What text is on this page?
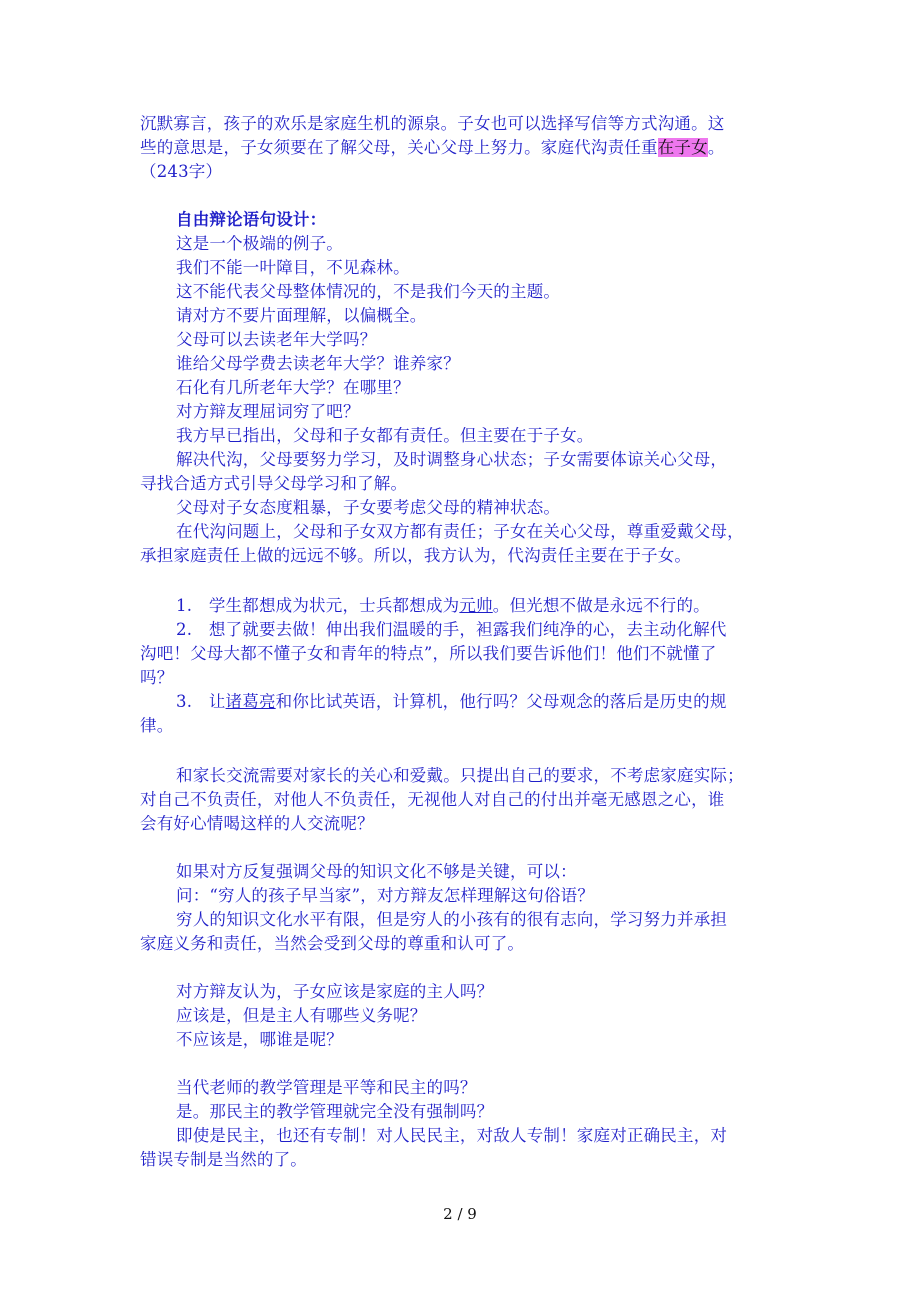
沉默寡言，孩子的欢乐是家庭生机的源泉。子女也可以选择写信等方式沟通。这
些的意思是，子女须要在了解父母，关心父母上努力。家庭代沟责任重在子女。
（243字）
自由辩论语句设计：
这是一个极端的例子。
我们不能一叶障目，不见森林。
这不能代表父母整体情况的，不是我们今天的主题。
请对方不要片面理解，以偏概全。
父母可以去读老年大学吗？
谁给父母学费去读老年大学？谁养家？
石化有几所老年大学？在哪里？
对方辩友理屈词穷了吧？
我方早已指出，父母和子女都有责任。但主要在于子女。
解决代沟，父母要努力学习，及时调整身心状态；子女需要体谅关心父母，
寻找合适方式引导父母学习和了解。
父母对子女态度粗暴，子女要考虑父母的精神状态。
在代沟问题上，父母和子女双方都有责任；子女在关心父母，尊重爱戴父母，
承担家庭责任上做的远远不够。所以，我方认为，代沟责任主要在于子女。
1.　学生都想成为状元，士兵都想成为元帅。但光想不做是永远不行的。
2.　想了就要去做！伸出我们温暖的手，袒露我们纯净的心，去主动化解代
沟吧！父母大都不懂子女和青年的特点”，所以我们要告诉他们！他们不就懂了
吗？
3.　让诸葛亮和你比试英语，计算机，他行吗？父母观念的落后是历史的规
律。
和家长交流需要对家长的关心和爱戴。只提出自己的要求，不考虑家庭实际；
对自己不负责任，对他人不负责任，无视他人对自己的付出并毫无感恩之心，谁
会有好心情喝这样的人交流呢？
如果对方反复强调父母的知识文化不够是关键，可以：
问：“穷人的孩子早当家”，对方辩友怎样理解这句俗语？
穷人的知识文化水平有限，但是穷人的小孩有的很有志向，学习努力并承担
家庭义务和责任，当然会受到父母的尊重和认可了。
对方辩友认为，子女应该是家庭的主人吗？
应该是，但是主人有哪些义务呢？
不应该是，哪谁是呢？
当代老师的教学管理是平等和民主的吗？
是。那民主的教学管理就完全没有强制吗？
即使是民主，也还有专制！对人民民主，对敌人专制！家庭对正确民主，对
错误专制是当然的了。
2 / 9
